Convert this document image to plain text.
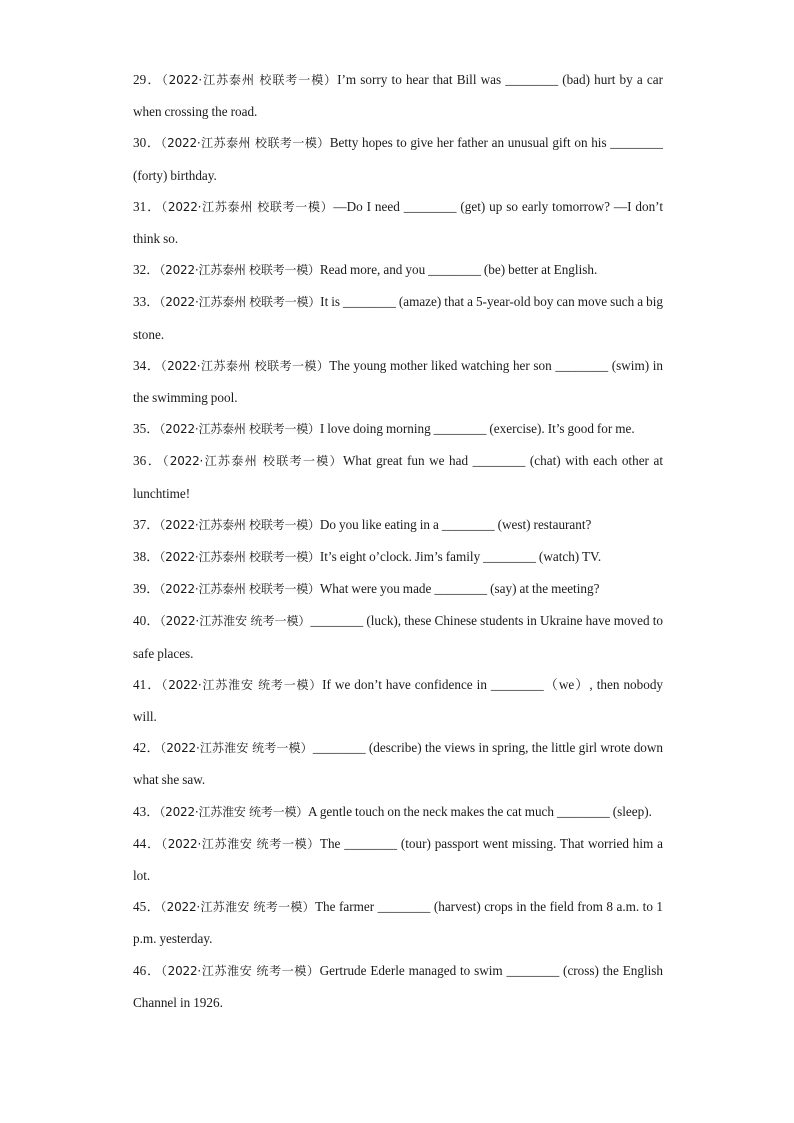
29．（2022·江苏泰州 校联考一模）I’m sorry to hear that Bill was ________ (bad) hurt by a car when crossing the road.

30．（2022·江苏泰州 校联考一模）Betty hopes to give her father an unusual gift on his ________ (forty) birthday.

31．（2022·江苏泰州 校联考一模）—Do I need ________ (get) up so early tomorrow? —I don’t think so.

32．（2022·江苏泰州 校联考一模）Read more, and you ________ (be) better at English.

33．（2022·江苏泰州 校联考一模）It is ________ (amaze) that a 5-year-old boy can move such a big stone.

34．（2022·江苏泰州 校联考一模）The young mother liked watching her son ________ (swim) in the swimming pool.

35．（2022·江苏泰州 校联考一模）I love doing morning ________ (exercise). It’s good for me.

36．（2022·江苏泰州 校联考一模）What great fun we had ________ (chat) with each other at lunchtime!

37．（2022·江苏泰州 校联考一模）Do you like eating in a ________ (west) restaurant?

38．（2022·江苏泰州 校联考一模）It’s eight o’clock. Jim’s family ________ (watch) TV.

39．（2022·江苏泰州 校联考一模）What were you made ________ (say) at the meeting?

40．（2022·江苏淮安 统考一模）________ (luck), these Chinese students in Ukraine have moved to safe places.

41．（2022·江苏淮安 统考一模）If we don’t have confidence in ________（we）, then nobody will.

42．（2022·江苏淮安 统考一模）________ (describe) the views in spring, the little girl wrote down what she saw.

43．（2022·江苏淮安 统考一模）A gentle touch on the neck makes the cat much ________ (sleep).

44．（2022·江苏淮安 统考一模）The ________ (tour) passport went missing. That worried him a lot.

45．（2022·江苏淮安 统考一模）The farmer ________ (harvest) crops in the field from 8 a.m. to 1 p.m. yesterday.

46．（2022·江苏淮安 统考一模）Gertrude Ederle managed to swim ________ (cross) the English Channel in 1926.
